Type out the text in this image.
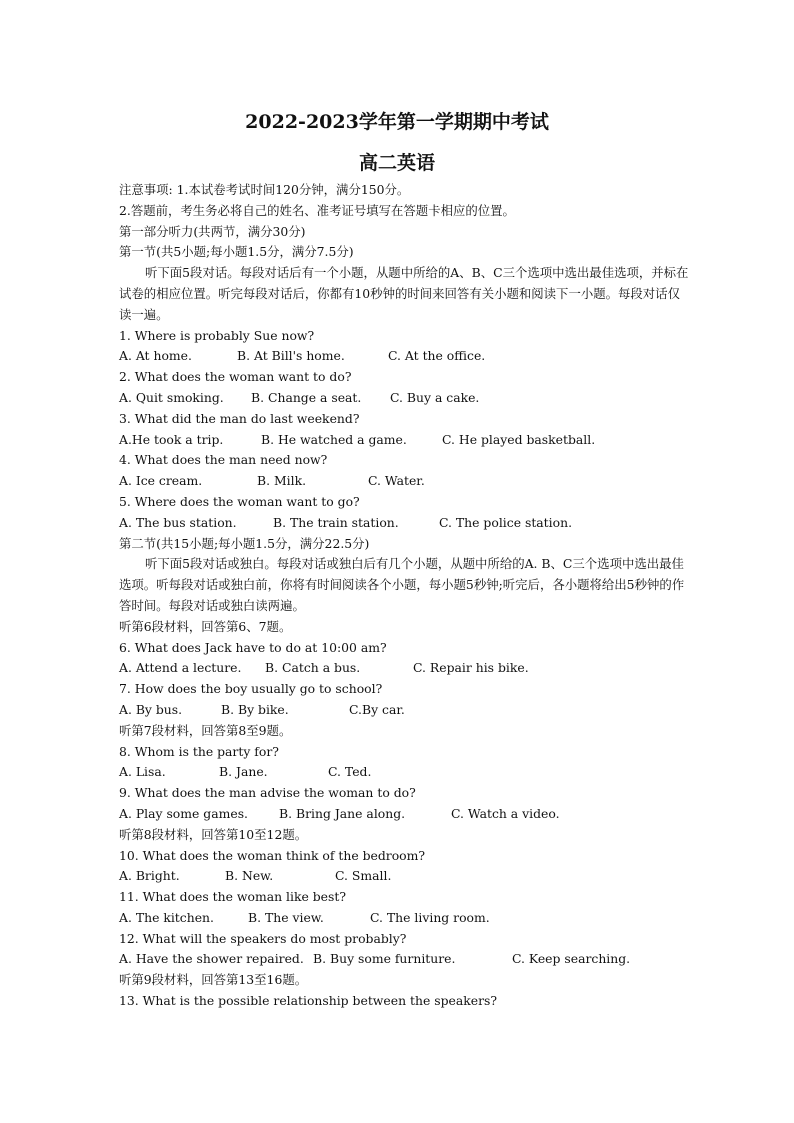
2022-2023学年第一学期期中考试
高二英语
注意事项: 1.本试卷考试时间120分钟，满分150分。
2.答题前，考生务必将自己的姓名、准考证号填写在答题卡相应的位置。
第一部分听力(共两节，满分30分)
第一节(共5小题;每小题1.5分，满分7.5分)
听下面5段对话。每段对话后有一个小题，从题中所给的A、B、C三个选项中选出最佳选项，并标在试卷的相应位置。听完每段对话后，你都有10秒钟的时间来回答有关小题和阅读下一小题。每段对话仅读一遍。
1. Where is probably Sue now?
A. At home.	B. At Bill's home.	C. At the office.
2. What does the woman want to do?
A. Quit smoking.	B. Change a seat.	C. Buy a cake.
3. What did the man do last weekend?
A.He took a trip.	B. He watched a game.	C. He played basketball.
4. What does the man need now?
A. Ice cream.	B. Milk.	C. Water.
5. Where does the woman want to go?
A. The bus station.	B. The train station.	C. The police station.
第二节(共15小题;每小题1.5分，满分22.5分)
听下面5段对话或独白。每段对话或独白后有几个小题，从题中所给的A. B、C三个选项中选出最佳选项。听每段对话或独白前，你将有时间阅读各个小题，每小题5秒钟;听完后，各小题将给出5秒钟的作答时间。每段对话或独白读两遍。
听第6段材料，回答第6、7题。
6. What does Jack have to do at 10:00 am?
A. Attend a lecture.	B. Catch a bus.	C. Repair his bike.
7. How does the boy usually go to school?
A. By bus.	B. By bike.	C.By car.
听第7段材料，回答第8至9题。
8. Whom is the party for?
A. Lisa.	B. Jane.	C. Ted.
9. What does the man advise the woman to do?
A. Play some games.	B. Bring Jane along.	C. Watch a video.
听第8段材料，回答第10至12题。
10. What does the woman think of the bedroom?
A. Bright.	B. New.	C. Small.
11. What does the woman like best?
A. The kitchen.	B. The view.	C. The living room.
12. What will the speakers do most probably?
A. Have the shower repaired. B. Buy some furniture.	C. Keep searching.
听第9段材料，回答第13至16题。
13. What is the possible relationship between the speakers?
